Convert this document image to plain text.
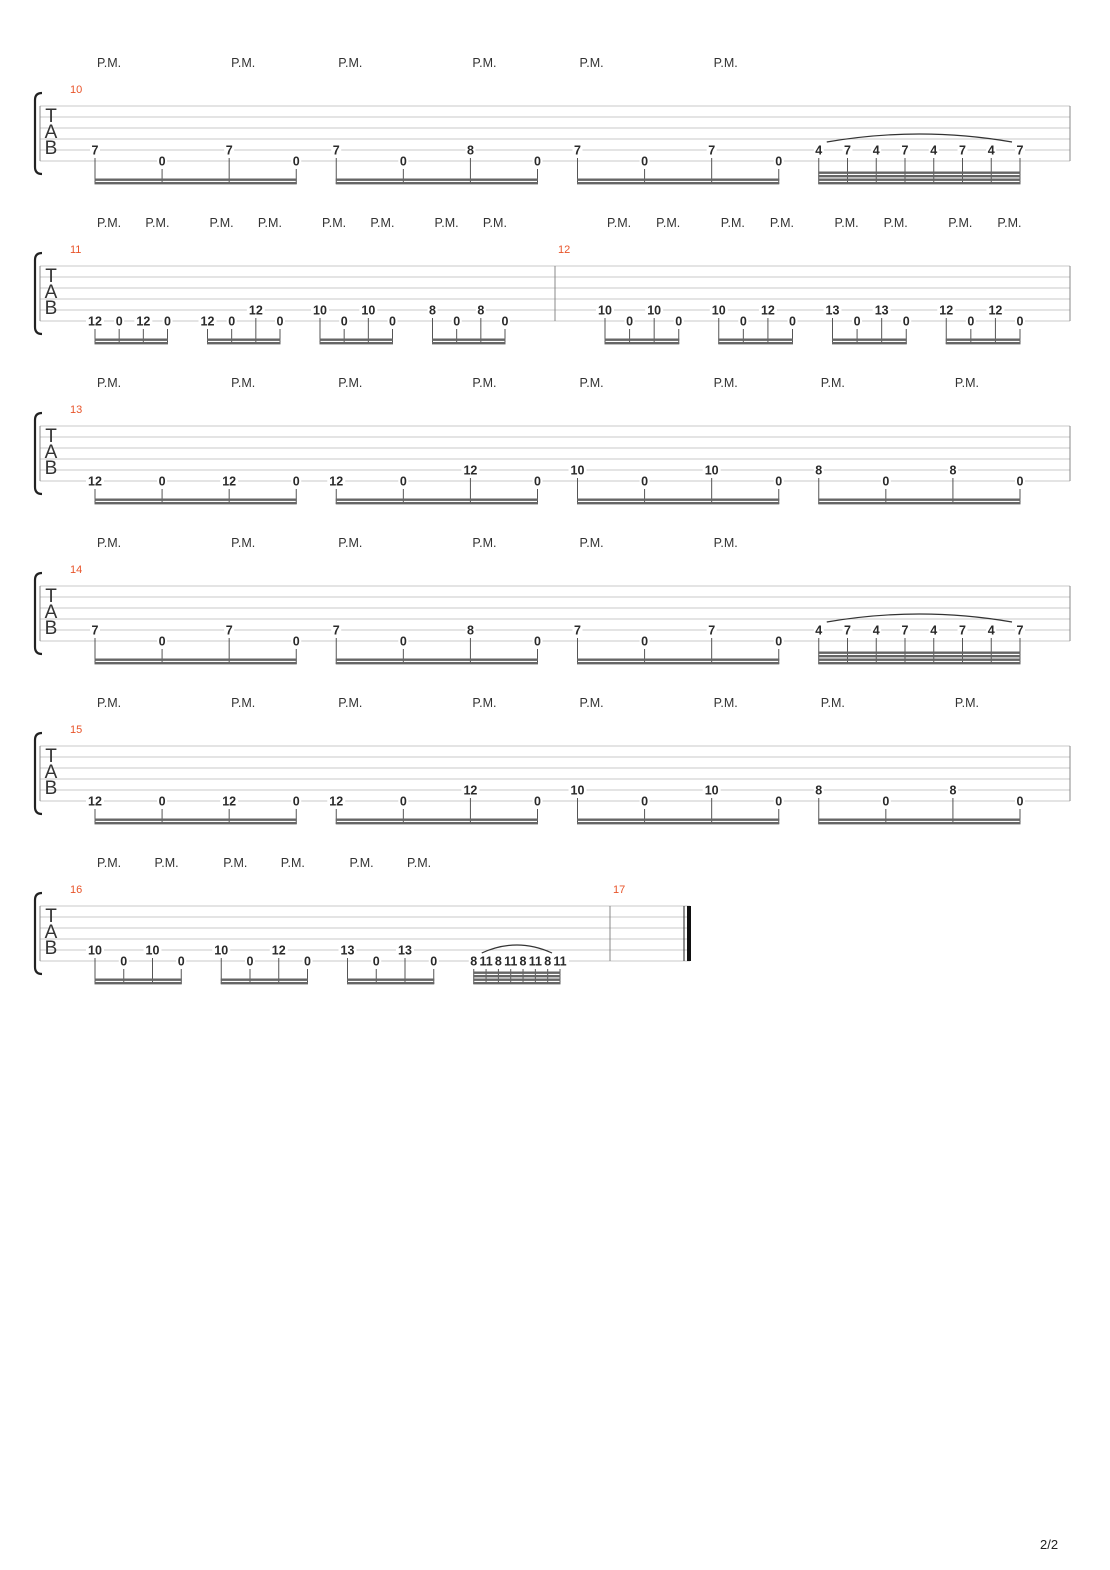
T
A
B
10
7
P.M.
0
7
P.M.
0
7
P.M.
0
8
P.M.
0
7
P.M.
0
7
P.M.
0
4 7 4 7 4 7 4 7
T
A
B
11
12
P.M.
0 12
P.M.
0 12
P.M.
0
12
P.M.
0
10
P.M.
0
10
P.M.
0
8
P.M.
0
8
P.M.
0
12
10
P.M.
0
10
P.M.
0
10
P.M.
0
12
P.M.
0
13
P.M.
0
13
P.M.
0
12
P.M.
0
12
P.M.
0
T
A
B
13
12
P.M.
0	12
P.M.
0 12
P.M.
0
12
P.M.
0
10
P.M.
0
10
P.M.
0
8
P.M.
0
8
P.M.
0
T
A
B
14
7
P.M.
0
7
P.M.
0
7
P.M.
0
8
P.M.
0
7
P.M.
0
7
P.M.
0
4 7 4 7 4 7 4 7
T
A
B
15
12
P.M.
0	12
P.M.
0 12
P.M.
0
12
P.M.
0
10
P.M.
0
10
P.M.
0
8
P.M.
0
8
P.M.
0
T
A
B
16
10
P.M.
0
10
P.M.
0
10
P.M.
0
12
P.M.
0
13
P.M.
0
13
P.M.
0	8 11 8 11 8 11 8 11
17
2/2
